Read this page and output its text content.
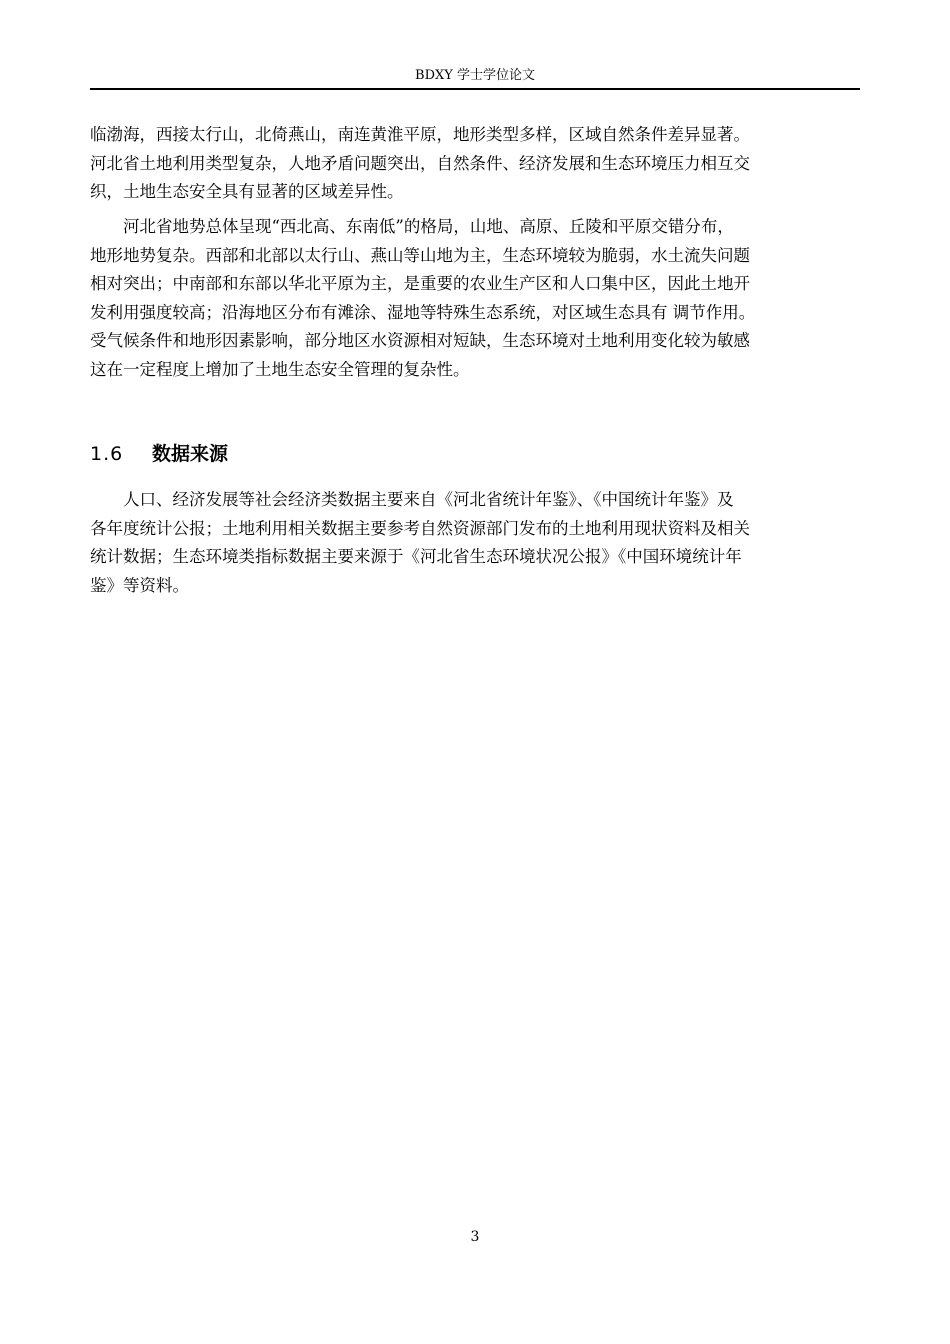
BDXY 学士学位论文
临渤海，西接太行山，北倚燕山，南连黄淮平原，地形类型多样，区域自然条件差异显著。
河北省土地利用类型复杂，人地矛盾问题突出，自然条件、经济发展和生态环境压力相互交
织，土地生态安全具有显著的区域差异性。
河北省地势总体呈现“西北高、东南低”的格局，山地、高原、丘陵和平原交错分布，
地形地势复杂。西部和北部以太行山、燕山等山地为主，生态环境较为脆弱，水土流失问题
相对突出；中南部和东部以华北平原为主，是重要的农业生产区和人口集中区，因此土地开
发利用强度较高；沿海地区分布有滩涂、湿地等特殊生态系统，对区域生态具有 调节作用。
受气候条件和地形因素影响，部分地区水资源相对短缺，生态环境对土地利用变化较为敏感
这在一定程度上增加了土地生态安全管理的复杂性。
1.6 数据来源
人口、经济发展等社会经济类数据主要来自《河北省统计年鉴》、《中国统计年鉴》及
各年度统计公报；土地利用相关数据主要参考自然资源部门发布的土地利用现状资料及相关
统计数据；生态环境类指标数据主要来源于《河北省生态环境状况公报》《中国环境统计年
鉴》等资料。
3
